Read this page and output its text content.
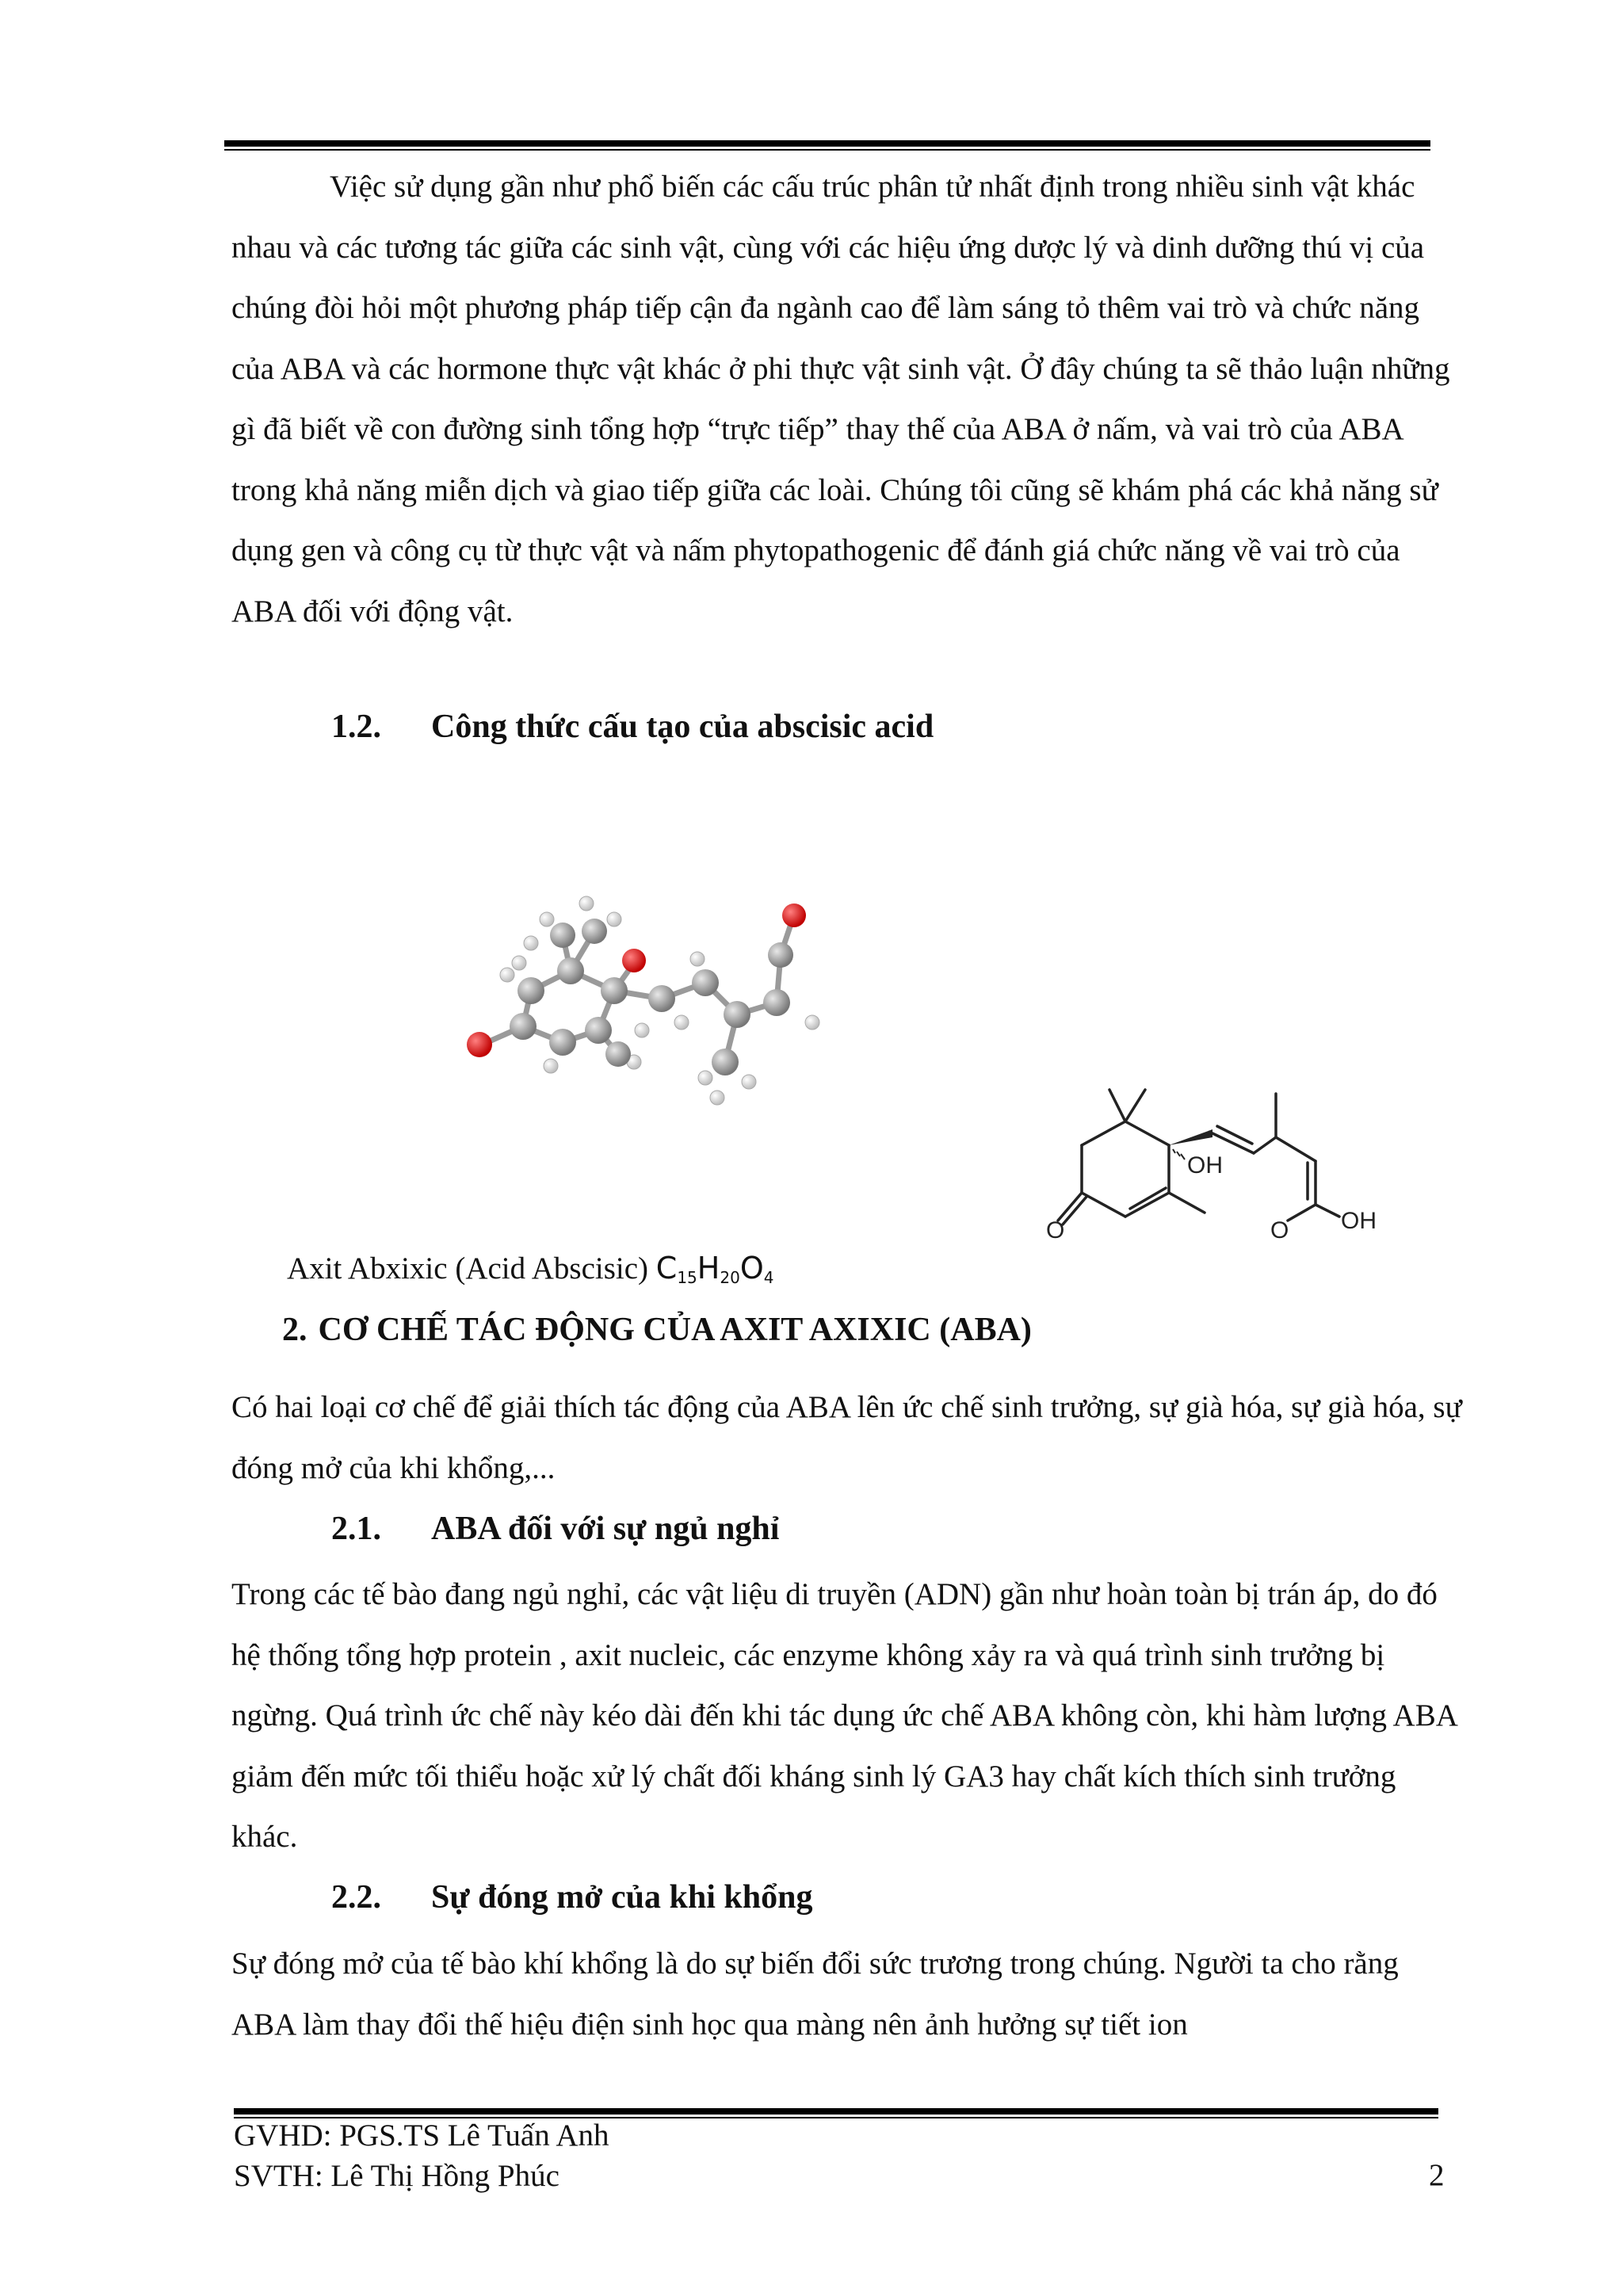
Việc sử dụng gần như phổ biến các cấu trúc phân tử nhất định trong nhiều sinh vật khác nhau và các tương tác giữa các sinh vật, cùng với các hiệu ứng dược lý và dinh dưỡng thú vị của chúng đòi hỏi một phương pháp tiếp cận đa ngành cao để làm sáng tỏ thêm vai trò và chức năng của ABA và các hormone thực vật khác ở phi thực vật sinh vật. Ở đây chúng ta sẽ thảo luận những gì đã biết về con đường sinh tổng hợp “trực tiếp” thay thế của ABA ở nấm, và vai trò của ABA trong khả năng miễn dịch và giao tiếp giữa các loài. Chúng tôi cũng sẽ khám phá các khả năng sử dụng gen và công cụ từ thực vật và nấm phytopathogenic để đánh giá chức năng về vai trò của ABA đối với động vật.

1.2. Công thức cấu tạo của abscisic acid
OH
O	O OH
Axit Abxixic (Acid Abscisic) $C_{15}H_{20}O_4$
2. CƠ CHẾ TÁC ĐỘNG CỦA AXIT AXIXIC (ABA)

Có hai loại cơ chế để giải thích tác động của ABA lên ức chế sinh trưởng, sự già hóa, sự già hóa, sự đóng mở của khi khổng,...

2.1. ABA đối với sự ngủ nghỉ

Trong các tế bào đang ngủ nghỉ, các vật liệu di truyền (ADN) gần như hoàn toàn bị trán áp, do đó hệ thống tổng hợp protein , axit nucleic, các enzyme không xảy ra và quá trình sinh trưởng bị ngừng. Quá trình ức chế này kéo dài đến khi tác dụng ức chế ABA không còn, khi hàm lượng ABA giảm đến mức tối thiểu hoặc xử lý chất đối kháng sinh lý GA3 hay chất kích thích sinh trưởng khác.

2.2. Sự đóng mở của khi khổng

Sự đóng mở của tế bào khí khổng là do sự biến đổi sức trương trong chúng. Người ta cho rằng ABA làm thay đổi thế hiệu điện sinh học qua màng nên ảnh hưởng sự tiết ion

GVHD: PGS.TS Lê Tuấn Anh
SVTH: Lê Thị Hồng Phúc	2
